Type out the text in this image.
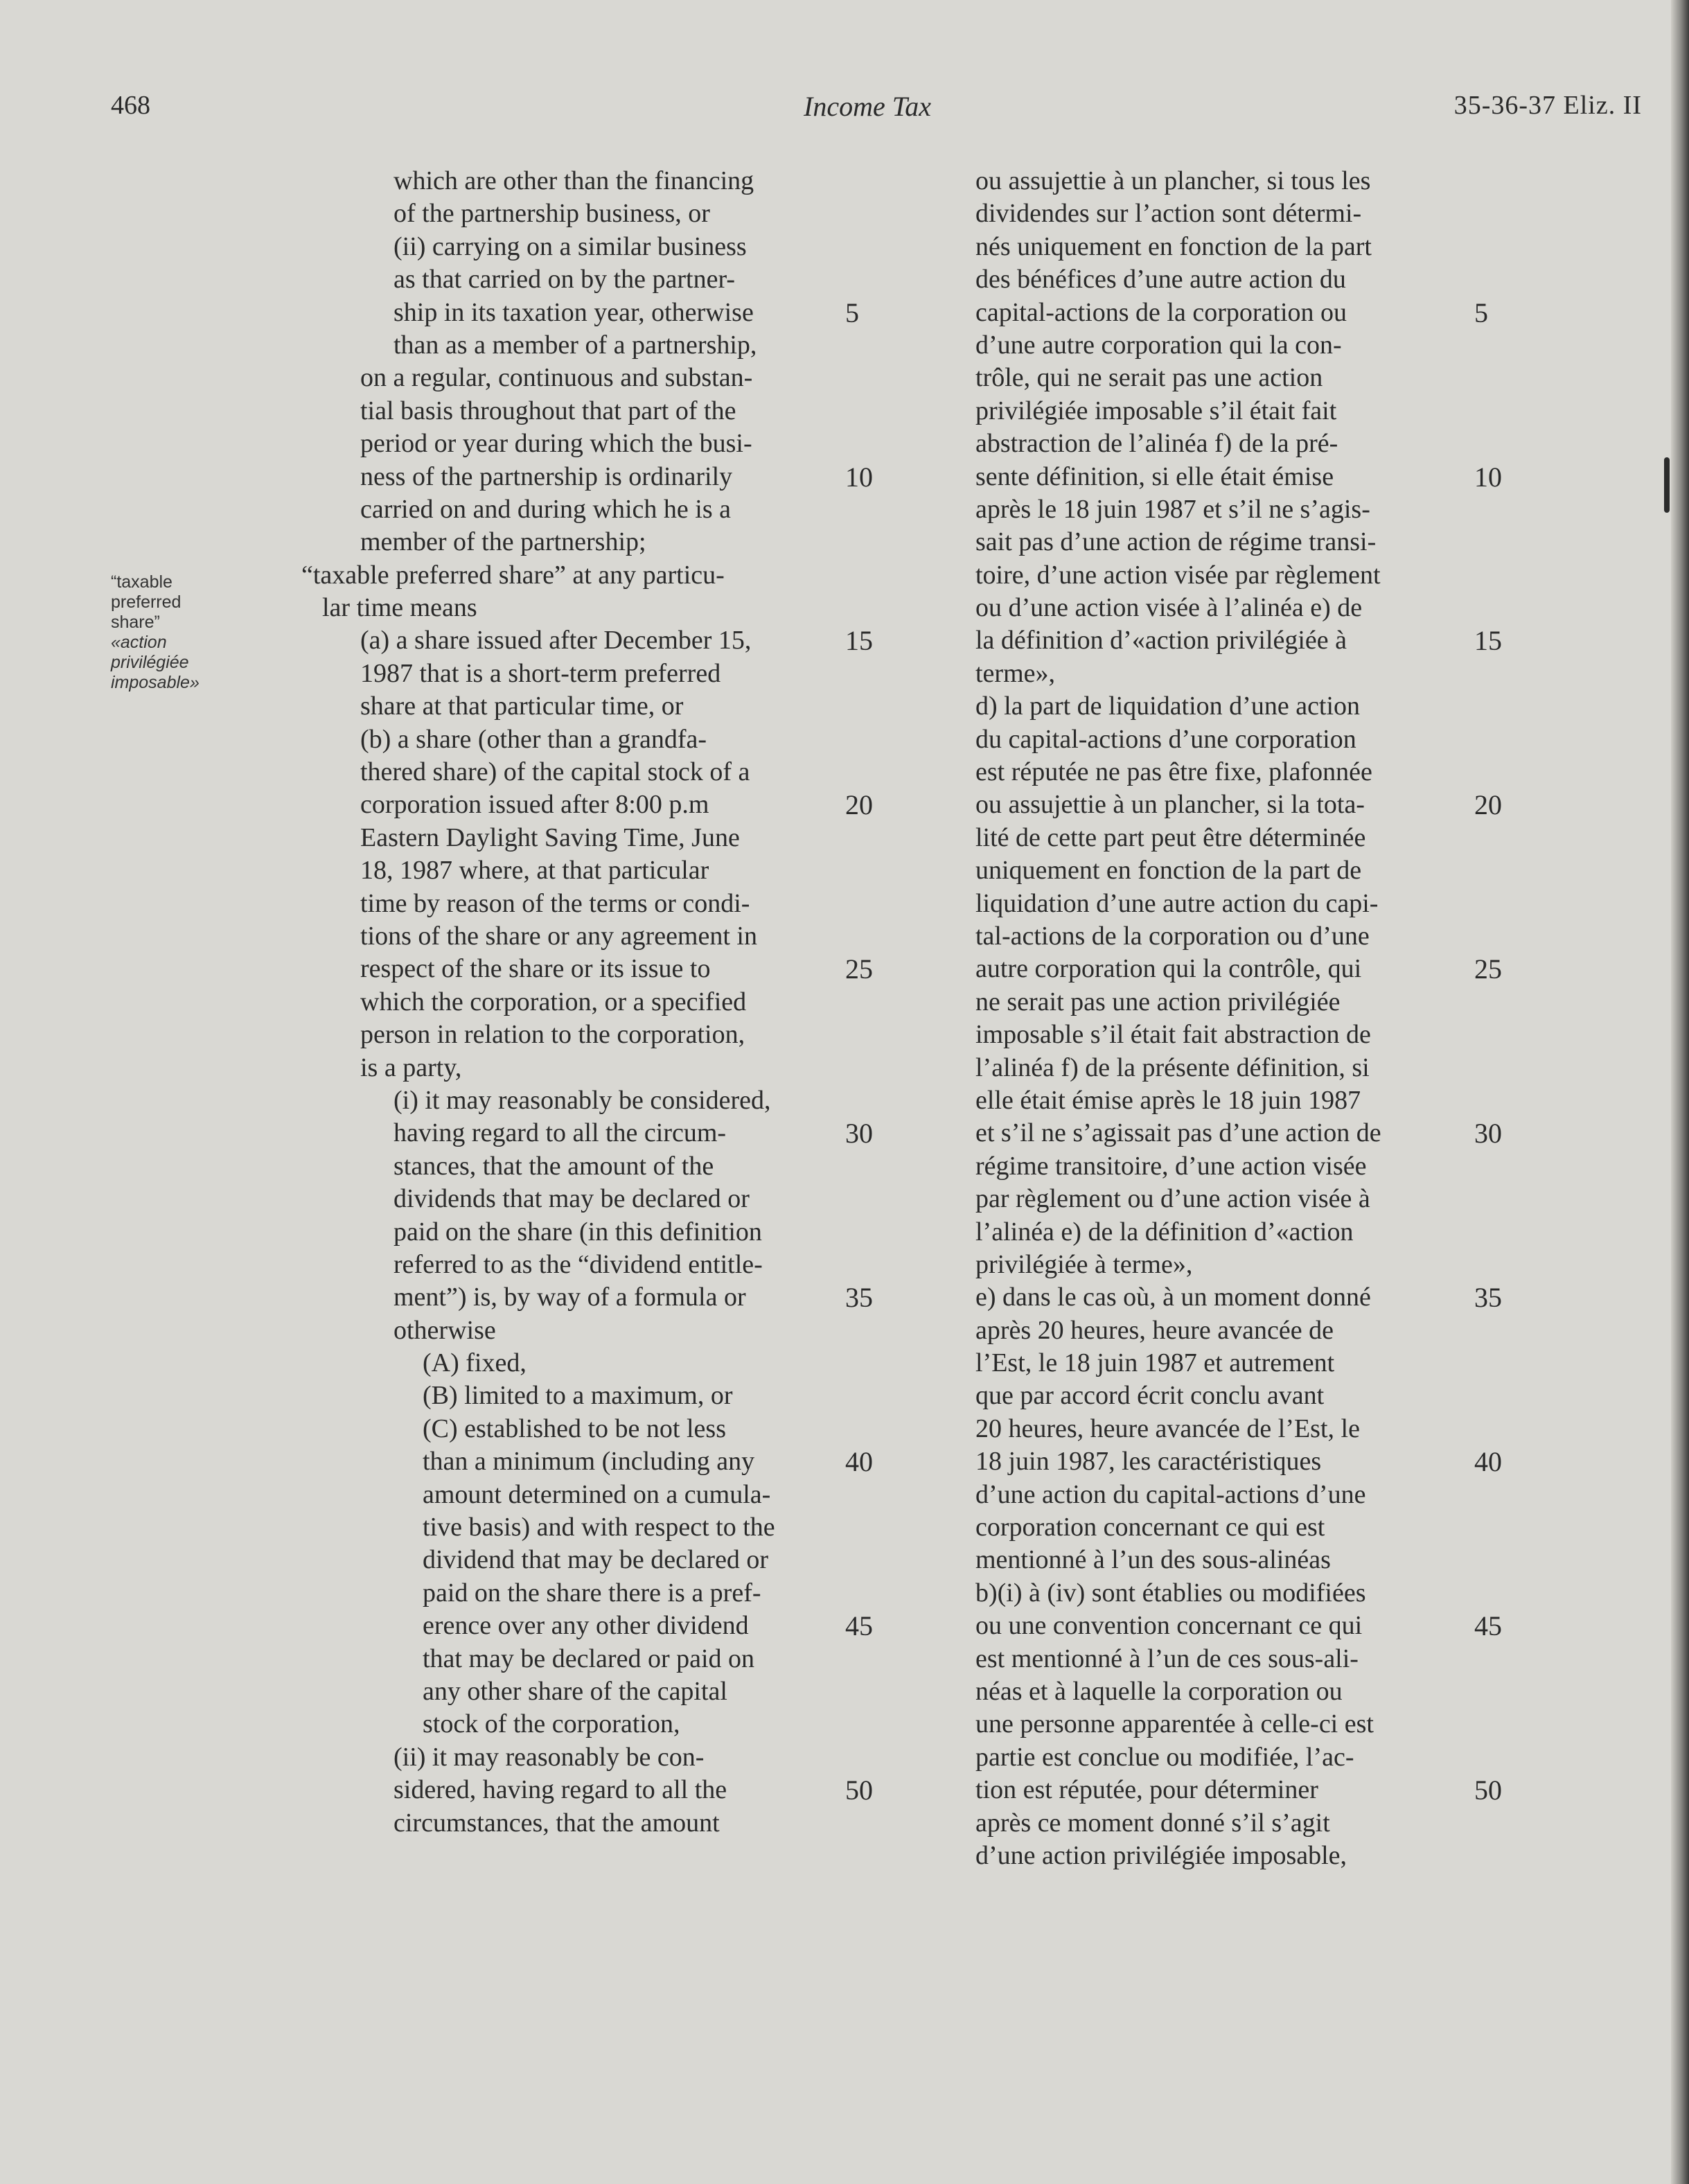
468	Income Tax	35-36-37 Eliz. II
“taxable
preferred
share”
«action
privilégiée
imposable»
which are other than the financing
of the partnership business, or
(ii) carrying on a similar business
as that carried on by the partner-
ship in its taxation year, otherwise	5
than as a member of a partnership,
on a regular, continuous and substan-
tial basis throughout that part of the
period or year during which the busi-
ness of the partnership is ordinarily	10
carried on and during which he is a
member of the partnership;
“taxable preferred share” at any particu-
lar time means
(a) a share issued after December 15,	15
1987 that is a short-term preferred
share at that particular time, or
(b) a share (other than a grandfa-
thered share) of the capital stock of a
corporation issued after 8:00 p.m	20
Eastern Daylight Saving Time, June
18, 1987 where, at that particular
time by reason of the terms or condi-
tions of the share or any agreement in
respect of the share or its issue to	25
which the corporation, or a specified
person in relation to the corporation,
is a party,
(i) it may reasonably be considered,
having regard to all the circum-	30
stances, that the amount of the
dividends that may be declared or
paid on the share (in this definition
referred to as the “dividend entitle-
ment”) is, by way of a formula or	35
otherwise
(A) fixed,
(B) limited to a maximum, or
(C) established to be not less
than a minimum (including any	40
amount determined on a cumula-
tive basis) and with respect to the
dividend that may be declared or
paid on the share there is a pref-
erence over any other dividend	45
that may be declared or paid on
any other share of the capital
stock of the corporation,
(ii) it may reasonably be con-
sidered, having regard to all the	50
circumstances, that the amount
ou assujettie à un plancher, si tous les
dividendes sur l’action sont détermi-
nés uniquement en fonction de la part
des bénéfices d’une autre action du
capital-actions de la corporation ou	5
d’une autre corporation qui la con-
trôle, qui ne serait pas une action
privilégiée imposable s’il était fait
abstraction de l’alinéa f) de la pré-
sente définition, si elle était émise	10
après le 18 juin 1987 et s’il ne s’agis-
sait pas d’une action de régime transi-
toire, d’une action visée par règlement
ou d’une action visée à l’alinéa e) de
la définition d’«action privilégiée à	15
terme»,
d) la part de liquidation d’une action
du capital-actions d’une corporation
est réputée ne pas être fixe, plafonnée
ou assujettie à un plancher, si la tota-	20
lité de cette part peut être déterminée
uniquement en fonction de la part de
liquidation d’une autre action du capi-
tal-actions de la corporation ou d’une
autre corporation qui la contrôle, qui	25
ne serait pas une action privilégiée
imposable s’il était fait abstraction de
l’alinéa f) de la présente définition, si
elle était émise après le 18 juin 1987
et s’il ne s’agissait pas d’une action de	30
régime transitoire, d’une action visée
par règlement ou d’une action visée à
l’alinéa e) de la définition d’«action
privilégiée à terme»,
e) dans le cas où, à un moment donné	35
après 20 heures, heure avancée de
l’Est, le 18 juin 1987 et autrement
que par accord écrit conclu avant
20 heures, heure avancée de l’Est, le
18 juin 1987, les caractéristiques	40
d’une action du capital-actions d’une
corporation concernant ce qui est
mentionné à l’un des sous-alinéas
b)(i) à (iv) sont établies ou modifiées
ou une convention concernant ce qui	45
est mentionné à l’un de ces sous-ali-
néas et à laquelle la corporation ou
une personne apparentée à celle-ci est
partie est conclue ou modifiée, l’ac-
tion est réputée, pour déterminer	50
après ce moment donné s’il s’agit
d’une action privilégiée imposable,
